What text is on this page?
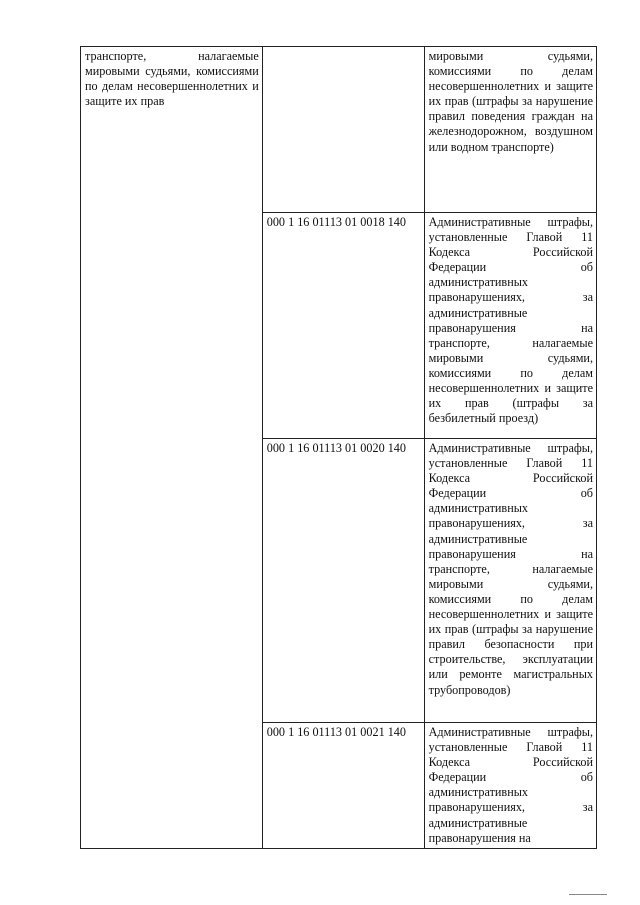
транспорте, налагаемые мировыми судьями, комиссиями по делам несовершеннолетних и защите их прав		мировыми судьями, комиссиями по делам несовершеннолетних и защите их прав (штрафы за нарушение правил поведения граждан на железнодорожном, воздушном или водном транспорте)
	000 1 16 01113 01 0018 140	Административные штрафы, установленные Главой 11 Кодекса Российской Федерации об административных правонарушениях, за административные правонарушения на транспорте, налагаемые мировыми судьями, комиссиями по делам несовершеннолетних и защите их прав (штрафы за безбилетный проезд)
	000 1 16 01113 01 0020 140	Административные штрафы, установленные Главой 11 Кодекса Российской Федерации об административных правонарушениях, за административные правонарушения на транспорте, налагаемые мировыми судьями, комиссиями по делам несовершеннолетних и защите их прав (штрафы за нарушение правил безопасности при строительстве, эксплуатации или ремонте магистральных трубопроводов)
	000 1 16 01113 01 0021 140	Административные штрафы, установленные Главой 11 Кодекса Российской Федерации об административных правонарушениях, за административные правонарушения на
